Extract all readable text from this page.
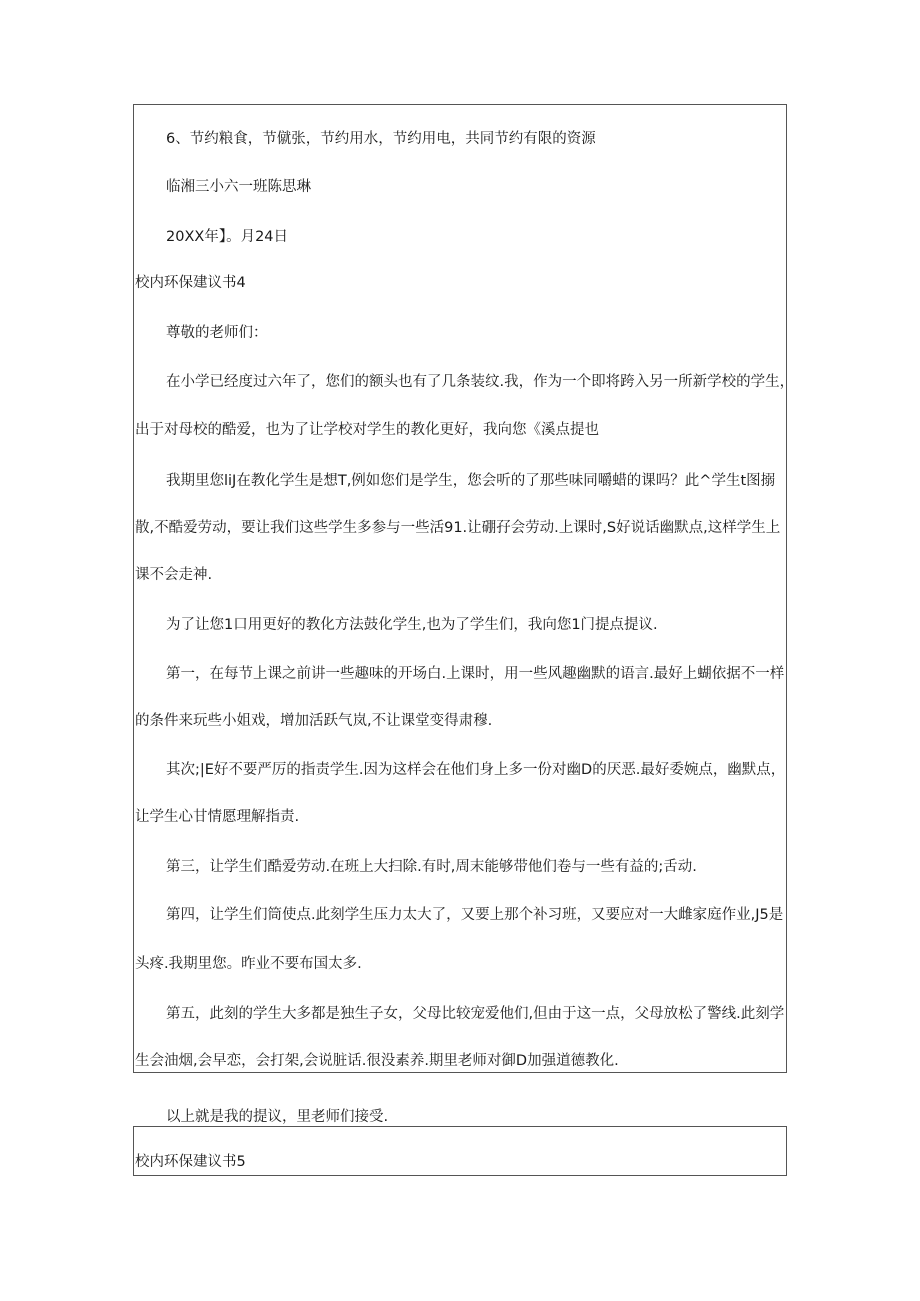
6、节约粮食，节僦张，节约用水，节约用电，共同节约有限的资源
临湘三小六一班陈思琳
20XX年】。月24日
校内环保建议书4
尊敬的老师们：
在小学已经度过六年了，您们的额头也有了几条装纹.我，作为一个即将跨入另一所新学校的学生，
出于对母校的酷爱，也为了让学校对学生的教化更好，我向您《溪点提也
我期里您liJ在教化学生是想T,例如您们是学生，您会听的了那些味同嚼蜡的课吗？此^学生t图搦
散,不酷爱劳动，要让我们这些学生多参与一些活91.让硼孖会劳动.上课时,S好说话幽默点,这样学生上
课不会走神.
为了让您1口用更好的教化方法鼓化学生,也为了学生们，我向您1门提点提议.
第一，在每节上课之前讲一些趣味的开场白.上课时，用一些风趣幽默的语言.最好上蝴依据不一样
的条件来玩些小姐戏，增加活跃气岚,不让课堂变得肃穆.
其次;|E好不要严厉的指责学生.因为这样会在他们身上多一份对幽D的厌恶.最好委婉点，幽默点，
让学生心甘情愿理解指责.
第三，让学生们酷爱劳动.在班上大扫除.有时,周末能够带他们卷与一些有益的;舌动.
第四，让学生们筒使点.此刻学生压力太大了，又要上那个补习班，又要应对一大雌家庭作业,J5是
头疼.我期里您。昨业不要布国太多.
第五，此刻的学生大多都是独生子女，父母比较宠爱他们,但由于这一点，父母放松了警线.此刻学
生会油烟,会早恋，会打架,会说脏话.很没素养.期里老师对御D加强道德教化.
以上就是我的提议，里老师们接受.
校内环保建议书5
